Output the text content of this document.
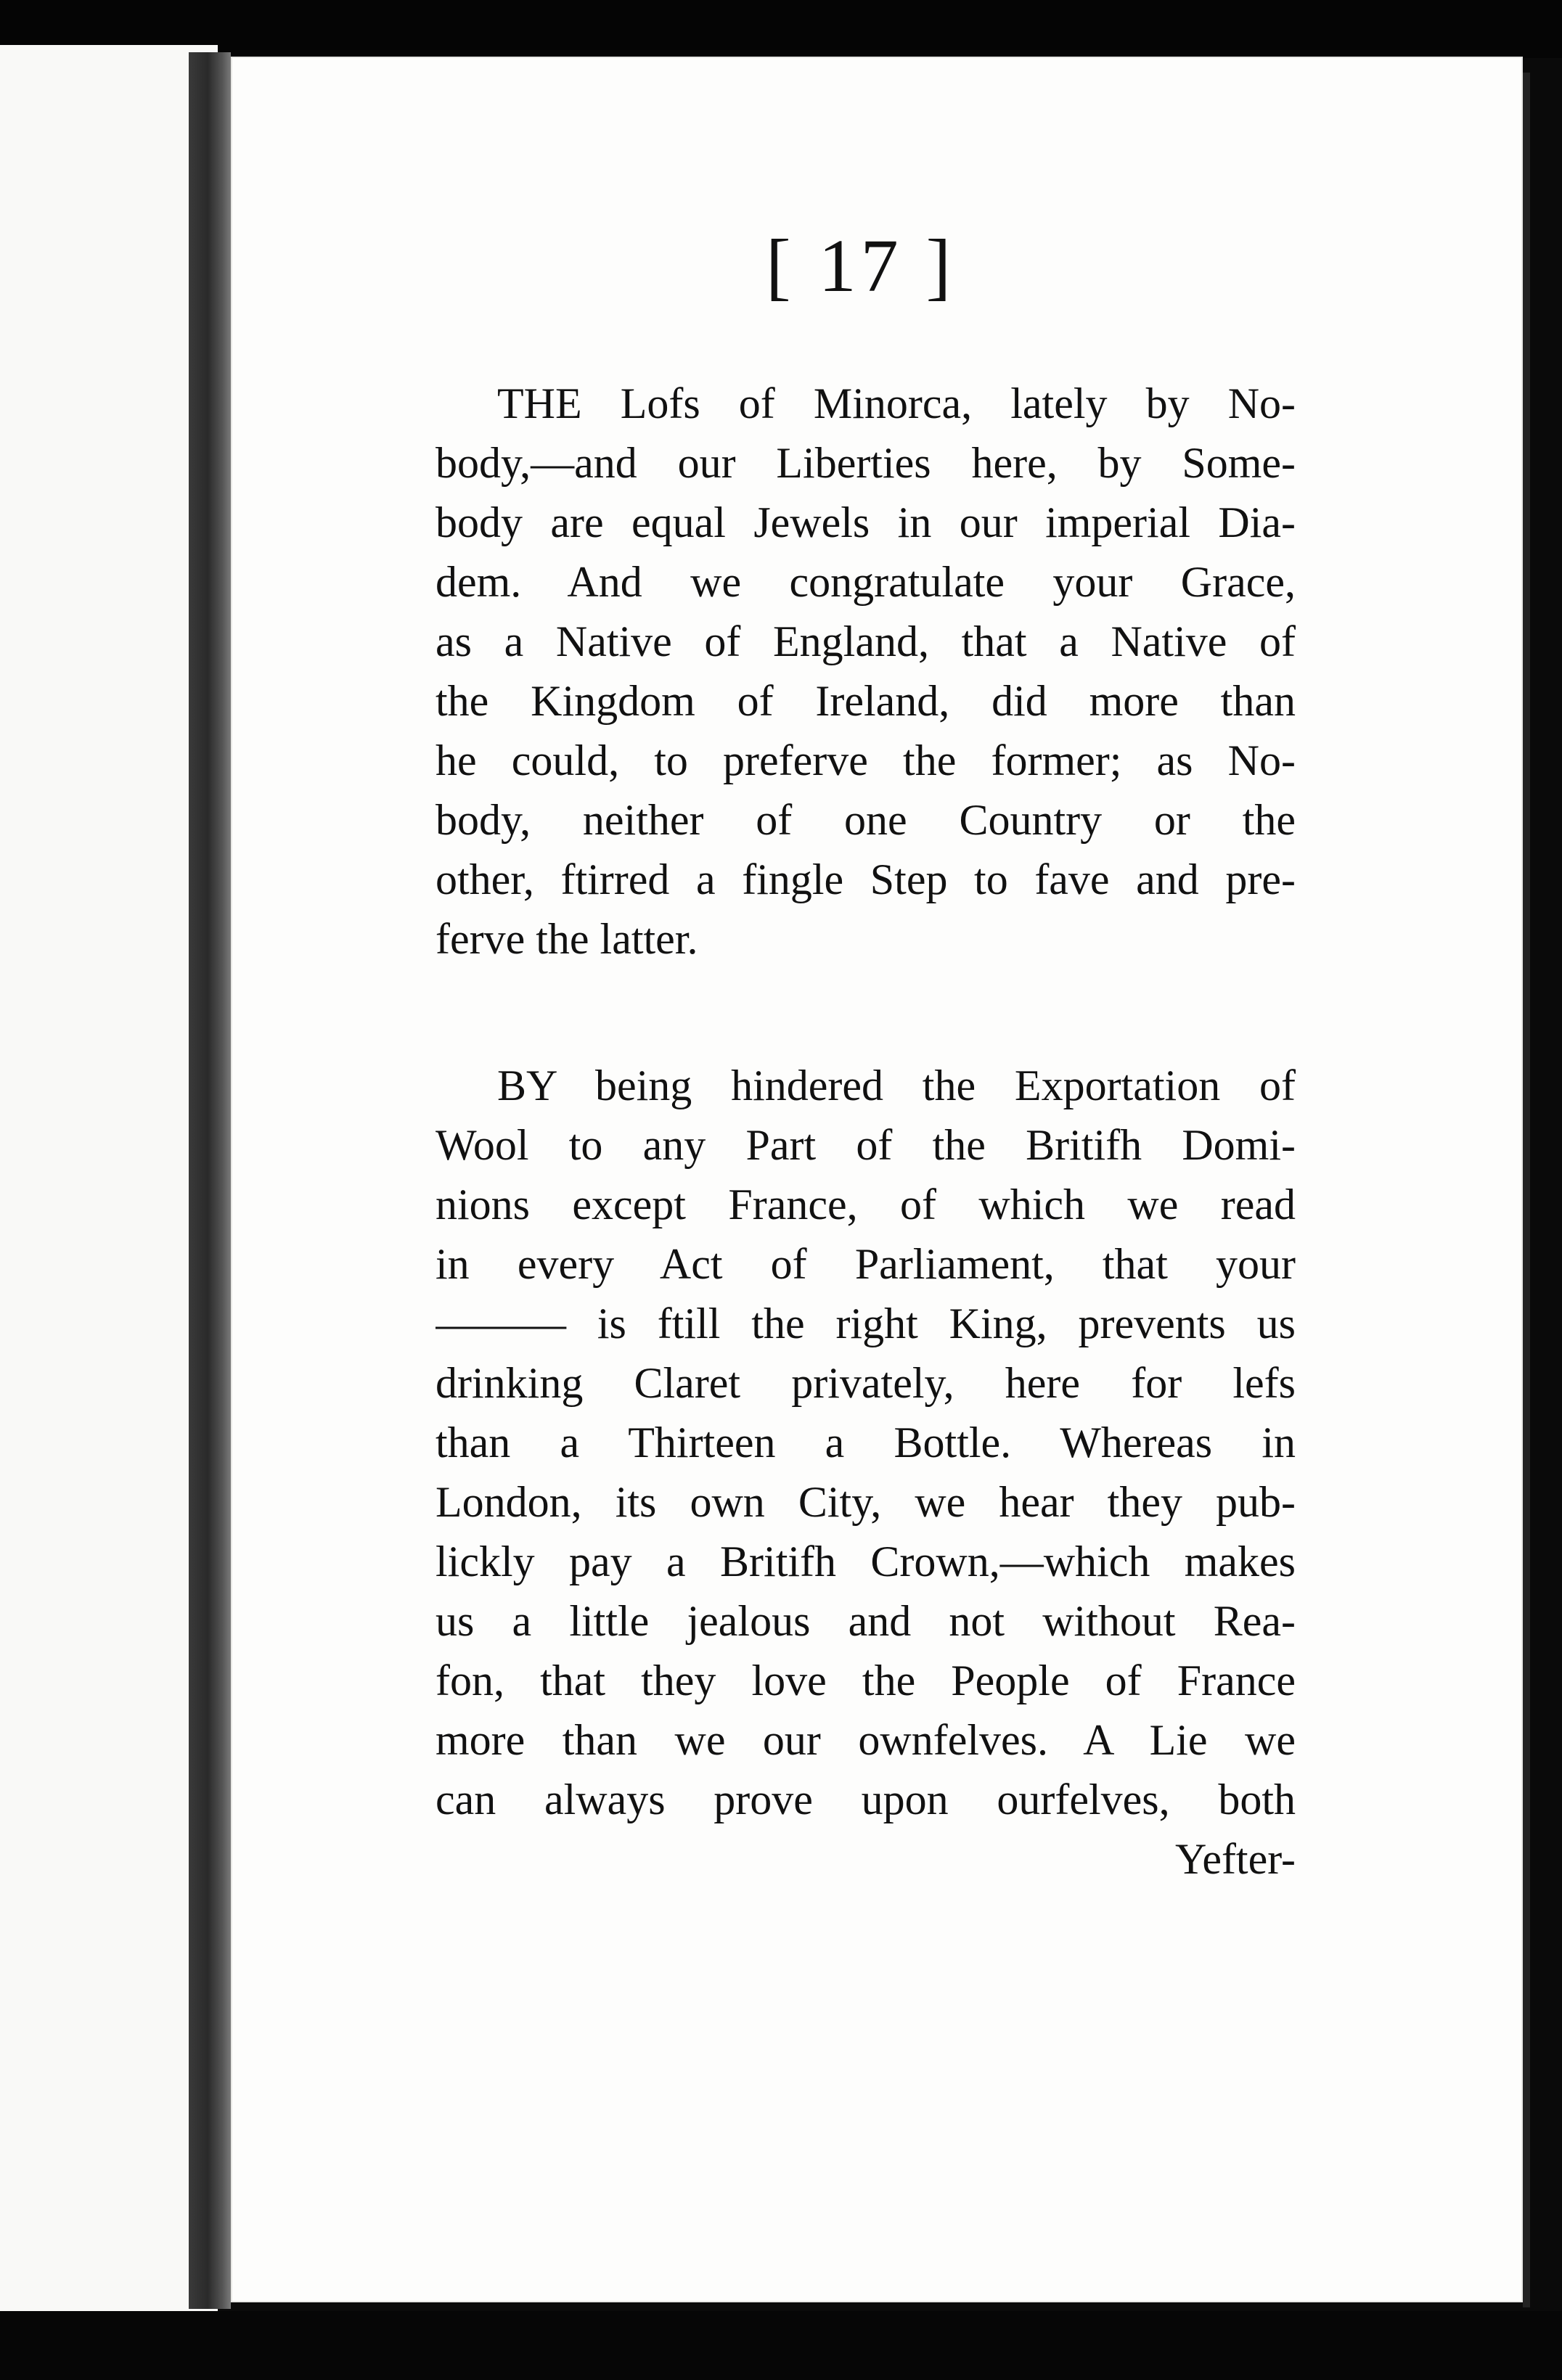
[ 17 ]
THE Lofs of Minorca, lately by No-
body,—and our Liberties here, by Some-
body are equal Jewels in our imperial Dia-
dem. And we congratulate your Grace,
as a Native of England, that a Native of
the Kingdom of Ireland, did more than
he could, to preferve the former; as No-
body, neither of one Country or the
other, ftirred a fingle Step to fave and pre-
ferve the latter.
BY being hindered the Exportation of
Wool to any Part of the Britifh Domi-
nions except France, of which we read
in every Act of Parliament, that your
——— is ftill the right King, prevents us
drinking Claret privately, here for lefs
than a Thirteen a Bottle. Whereas in
London, its own City, we hear they pub-
lickly pay a Britifh Crown,—which makes
us a little jealous and not without Rea-
fon, that they love the People of France
more than we our ownfelves. A Lie we
can always prove upon ourfelves, both
Yefter-
